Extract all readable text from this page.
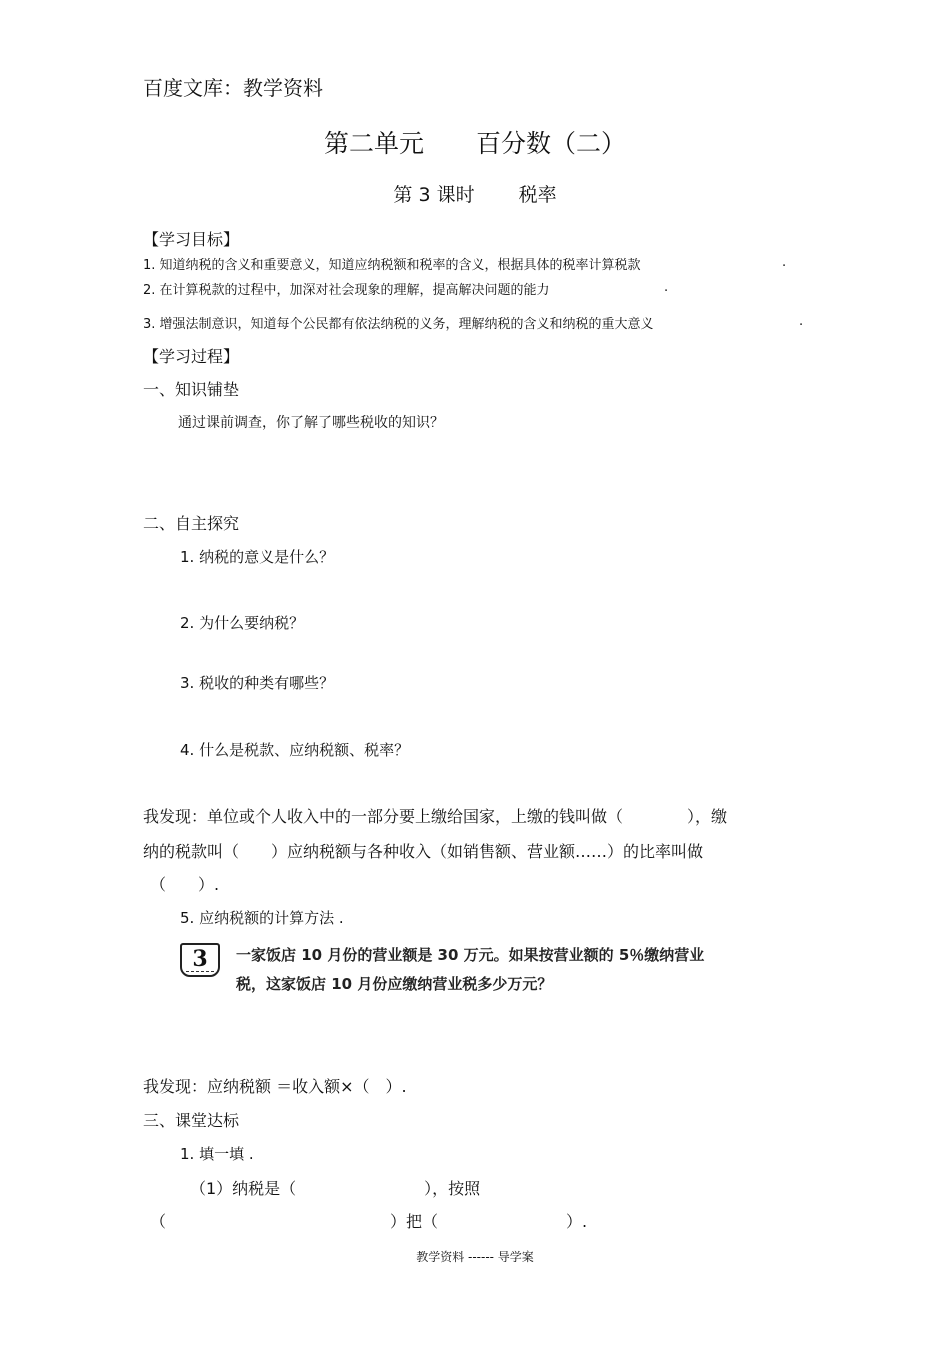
百度文库：教学资料
第二单元 百分数（二）
第 3 课时 税率
【学习目标】
1. 知道纳税的含义和重要意义，知道应纳税额和税率的含义，根据具体的税率计算税款	.
2. 在计算税款的过程中，加深对社会现象的理解，提高解决问题的能力	.
3. 增强法制意识，知道每个公民都有依法纳税的义务，理解纳税的含义和纳税的重大意义	.
【学习过程】
一、知识铺垫
通过课前调查，你了解了哪些税收的知识？
二、自主探究
1. 纳税的意义是什么？
2. 为什么要纳税？
3. 税收的种类有哪些？
4. 什么是税款、应纳税额、税率？
我发现：单位或个人收入中的一部分要上缴给国家，上缴的钱叫做（　　　　），缴
纳的税款叫（　　）应纳税额与各种收入（如销售额、营业额……）的比率叫做
（　　）.
5. 应纳税额的计算方法 .
3	一家饭店 10 月份的营业额是 30 万元。如果按营业额的 5％缴纳营业
税，这家饭店 10 月份应缴纳营业税多少万元？
我发现：应纳税额 ＝收入额×（　）.
三、课堂达标
1. 填一填 .
（1）纳税是（　　　　　　　　），按照
（　　　　　　　　　　　　　　）把（　　　　　　　　）.
教学资料 ------ 导学案
